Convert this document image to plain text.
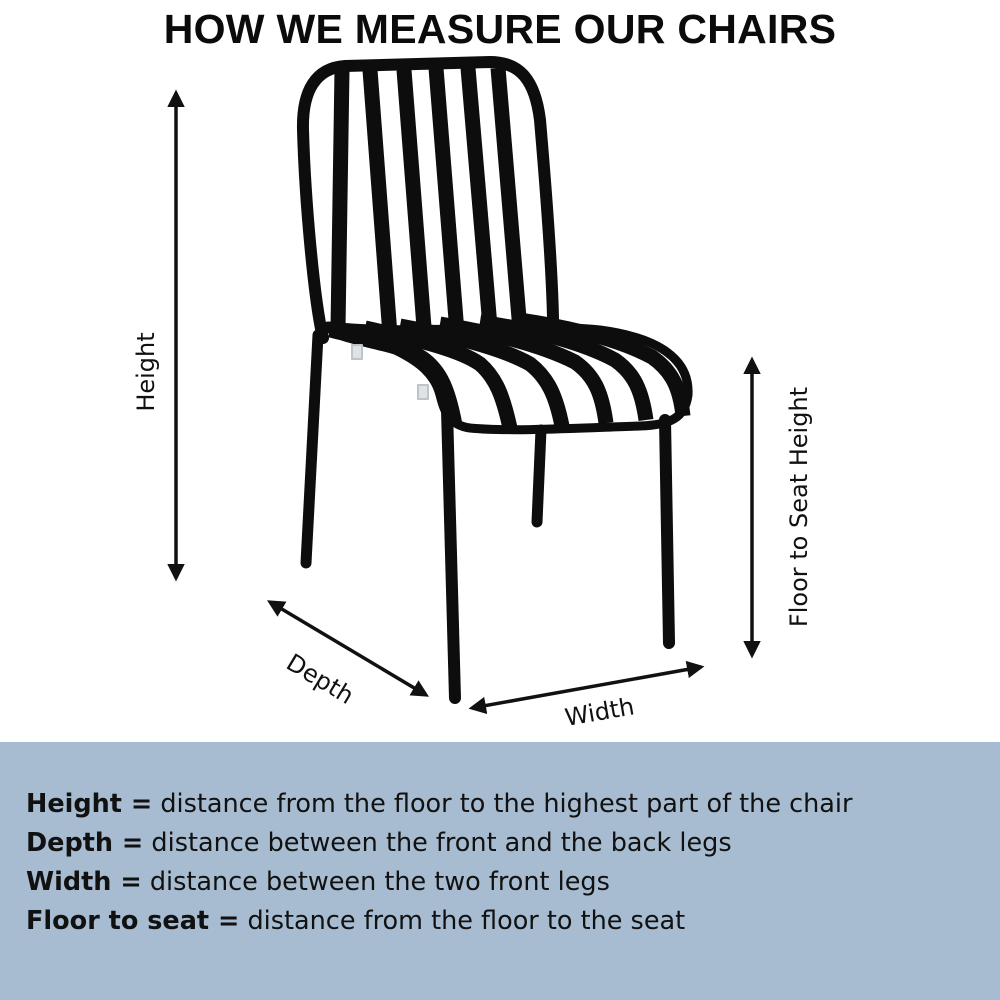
HOW WE MEASURE OUR CHAIRS
Height
Floor to Seat Height
Depth
Width
Height = distance from the floor to the highest part of the chair
Depth = distance between the front and the back legs
Width = distance between the two front legs
Floor to seat = distance from the floor to the seat
